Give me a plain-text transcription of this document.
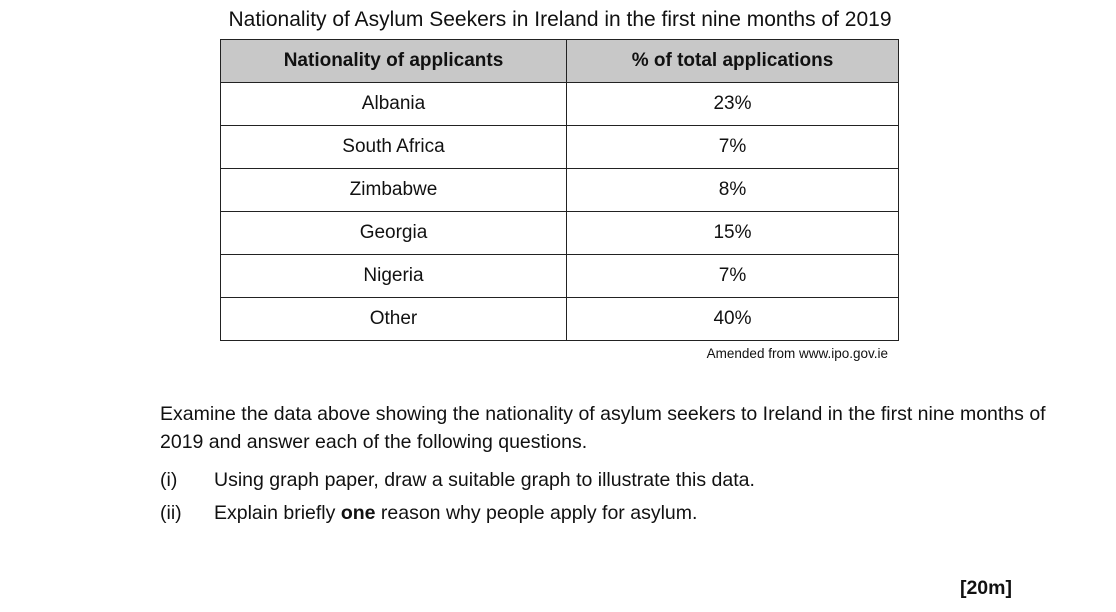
Nationality of Asylum Seekers in Ireland in the first nine months of 2019
Nationality of applicants	% of total applications
Albania	23%
South Africa	7%
Zimbabwe	8%
Georgia	15%
Nigeria	7%
Other	40%
Amended from www.ipo.gov.ie
Examine the data above showing the nationality of asylum seekers to Ireland in the first nine months of 2019 and answer each of the following questions.
(i) Using graph paper, draw a suitable graph to illustrate this data.
(ii) Explain briefly one reason why people apply for asylum.
[20m]
